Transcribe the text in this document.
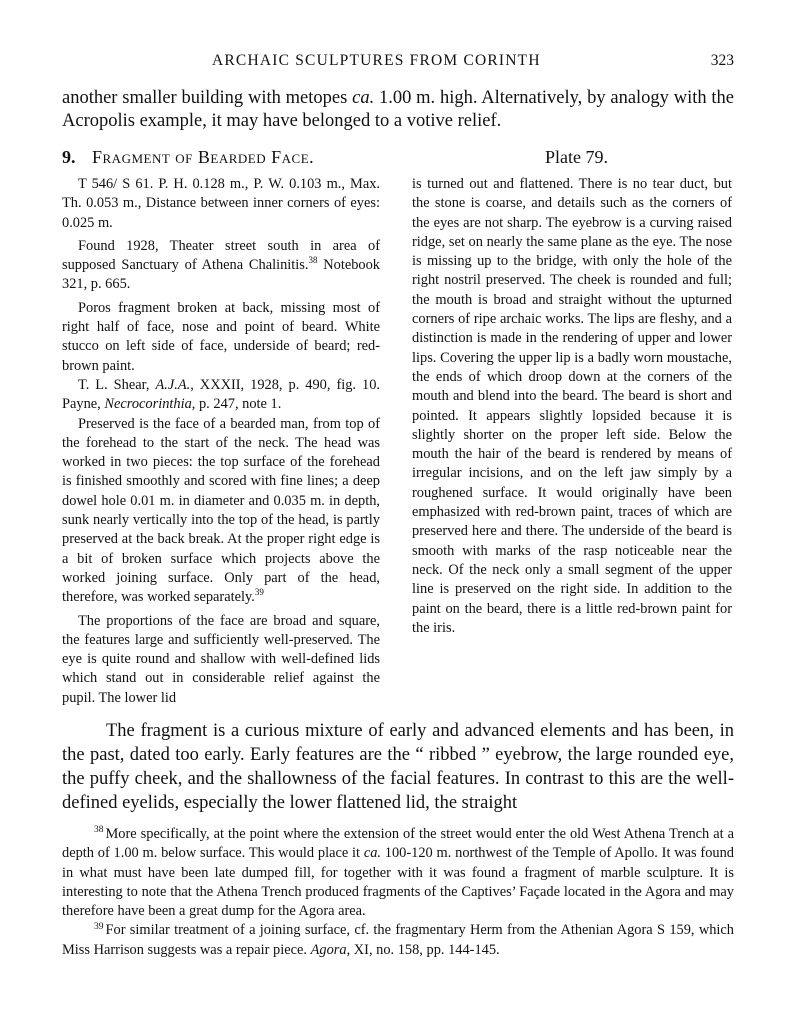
ARCHAIC SCULPTURES FROM CORINTH	323
another smaller building with metopes ca. 1.00 m. high. Alternatively, by analogy with the Acropolis example, it may have belonged to a votive relief.
9. Fragment of Bearded Face.	Plate 79.

T 546/ S 61. P. H. 0.128 m., P. W. 0.103 m., Max. Th. 0.053 m., Distance between inner corners of eyes: 0.025 m.

Found 1928, Theater street south in area of supposed Sanctuary of Athena Chalinitis.$^{38}$ Notebook 321, p. 665.

Poros fragment broken at back, missing most of right half of face, nose and point of beard. White stucco on left side of face, underside of beard; red-brown paint.

T. L. Shear, A.J.A., XXXII, 1928, p. 490, fig. 10. Payne, Necrocorinthia, p. 247, note 1.

Preserved is the face of a bearded man, from top of the forehead to the start of the neck. The head was worked in two pieces: the top surface of the forehead is finished smoothly and scored with fine lines; a deep dowel hole 0.01 m. in diameter and 0.035 m. in depth, sunk nearly vertically into the top of the head, is partly preserved at the back break. At the proper right edge is a bit of broken surface which projects above the worked joining surface. Only part of the head, therefore, was worked separately.$^{39}$

The proportions of the face are broad and square, the features large and sufficiently well-preserved. The eye is quite round and shallow with well-defined lids which stand out in considerable relief against the pupil. The lower lid

is turned out and flattened. There is no tear duct, but the stone is coarse, and details such as the corners of the eyes are not sharp. The eyebrow is a curving raised ridge, set on nearly the same plane as the eye. The nose is missing up to the bridge, with only the hole of the right nostril preserved. The cheek is rounded and full; the mouth is broad and straight without the upturned corners of ripe archaic works. The lips are fleshy, and a distinction is made in the rendering of upper and lower lips. Covering the upper lip is a badly worn moustache, the ends of which droop down at the corners of the mouth and blend into the beard. The beard is short and pointed. It appears slightly lopsided because it is slightly shorter on the proper left side. Below the mouth the hair of the beard is rendered by means of irregular incisions, and on the left jaw simply by a roughened surface. It would originally have been emphasized with red-brown paint, traces of which are preserved here and there. The underside of the beard is smooth with marks of the rasp noticeable near the neck. Of the neck only a small segment of the upper line is preserved on the right side. In addition to the paint on the beard, there is a little red-brown paint for the iris.

The fragment is a curious mixture of early and advanced elements and has been, in the past, dated too early. Early features are the “ ribbed ” eyebrow, the large rounded eye, the puffy cheek, and the shallowness of the facial features. In contrast to this are the well-defined eyelids, especially the lower flattened lid, the straight

$^{38}$ More specifically, at the point where the extension of the street would enter the old West Athena Trench at a depth of 1.00 m. below surface. This would place it ca. 100-120 m. northwest of the Temple of Apollo. It was found in what must have been late dumped fill, for together with it was found a fragment of marble sculpture. It is interesting to note that the Athena Trench produced fragments of the Captives’ Façade located in the Agora and may therefore have been a great dump for the Agora area.

$^{39}$ For similar treatment of a joining surface, cf. the fragmentary Herm from the Athenian Agora S 159, which Miss Harrison suggests was a repair piece. Agora, XI, no. 158, pp. 144-145.
